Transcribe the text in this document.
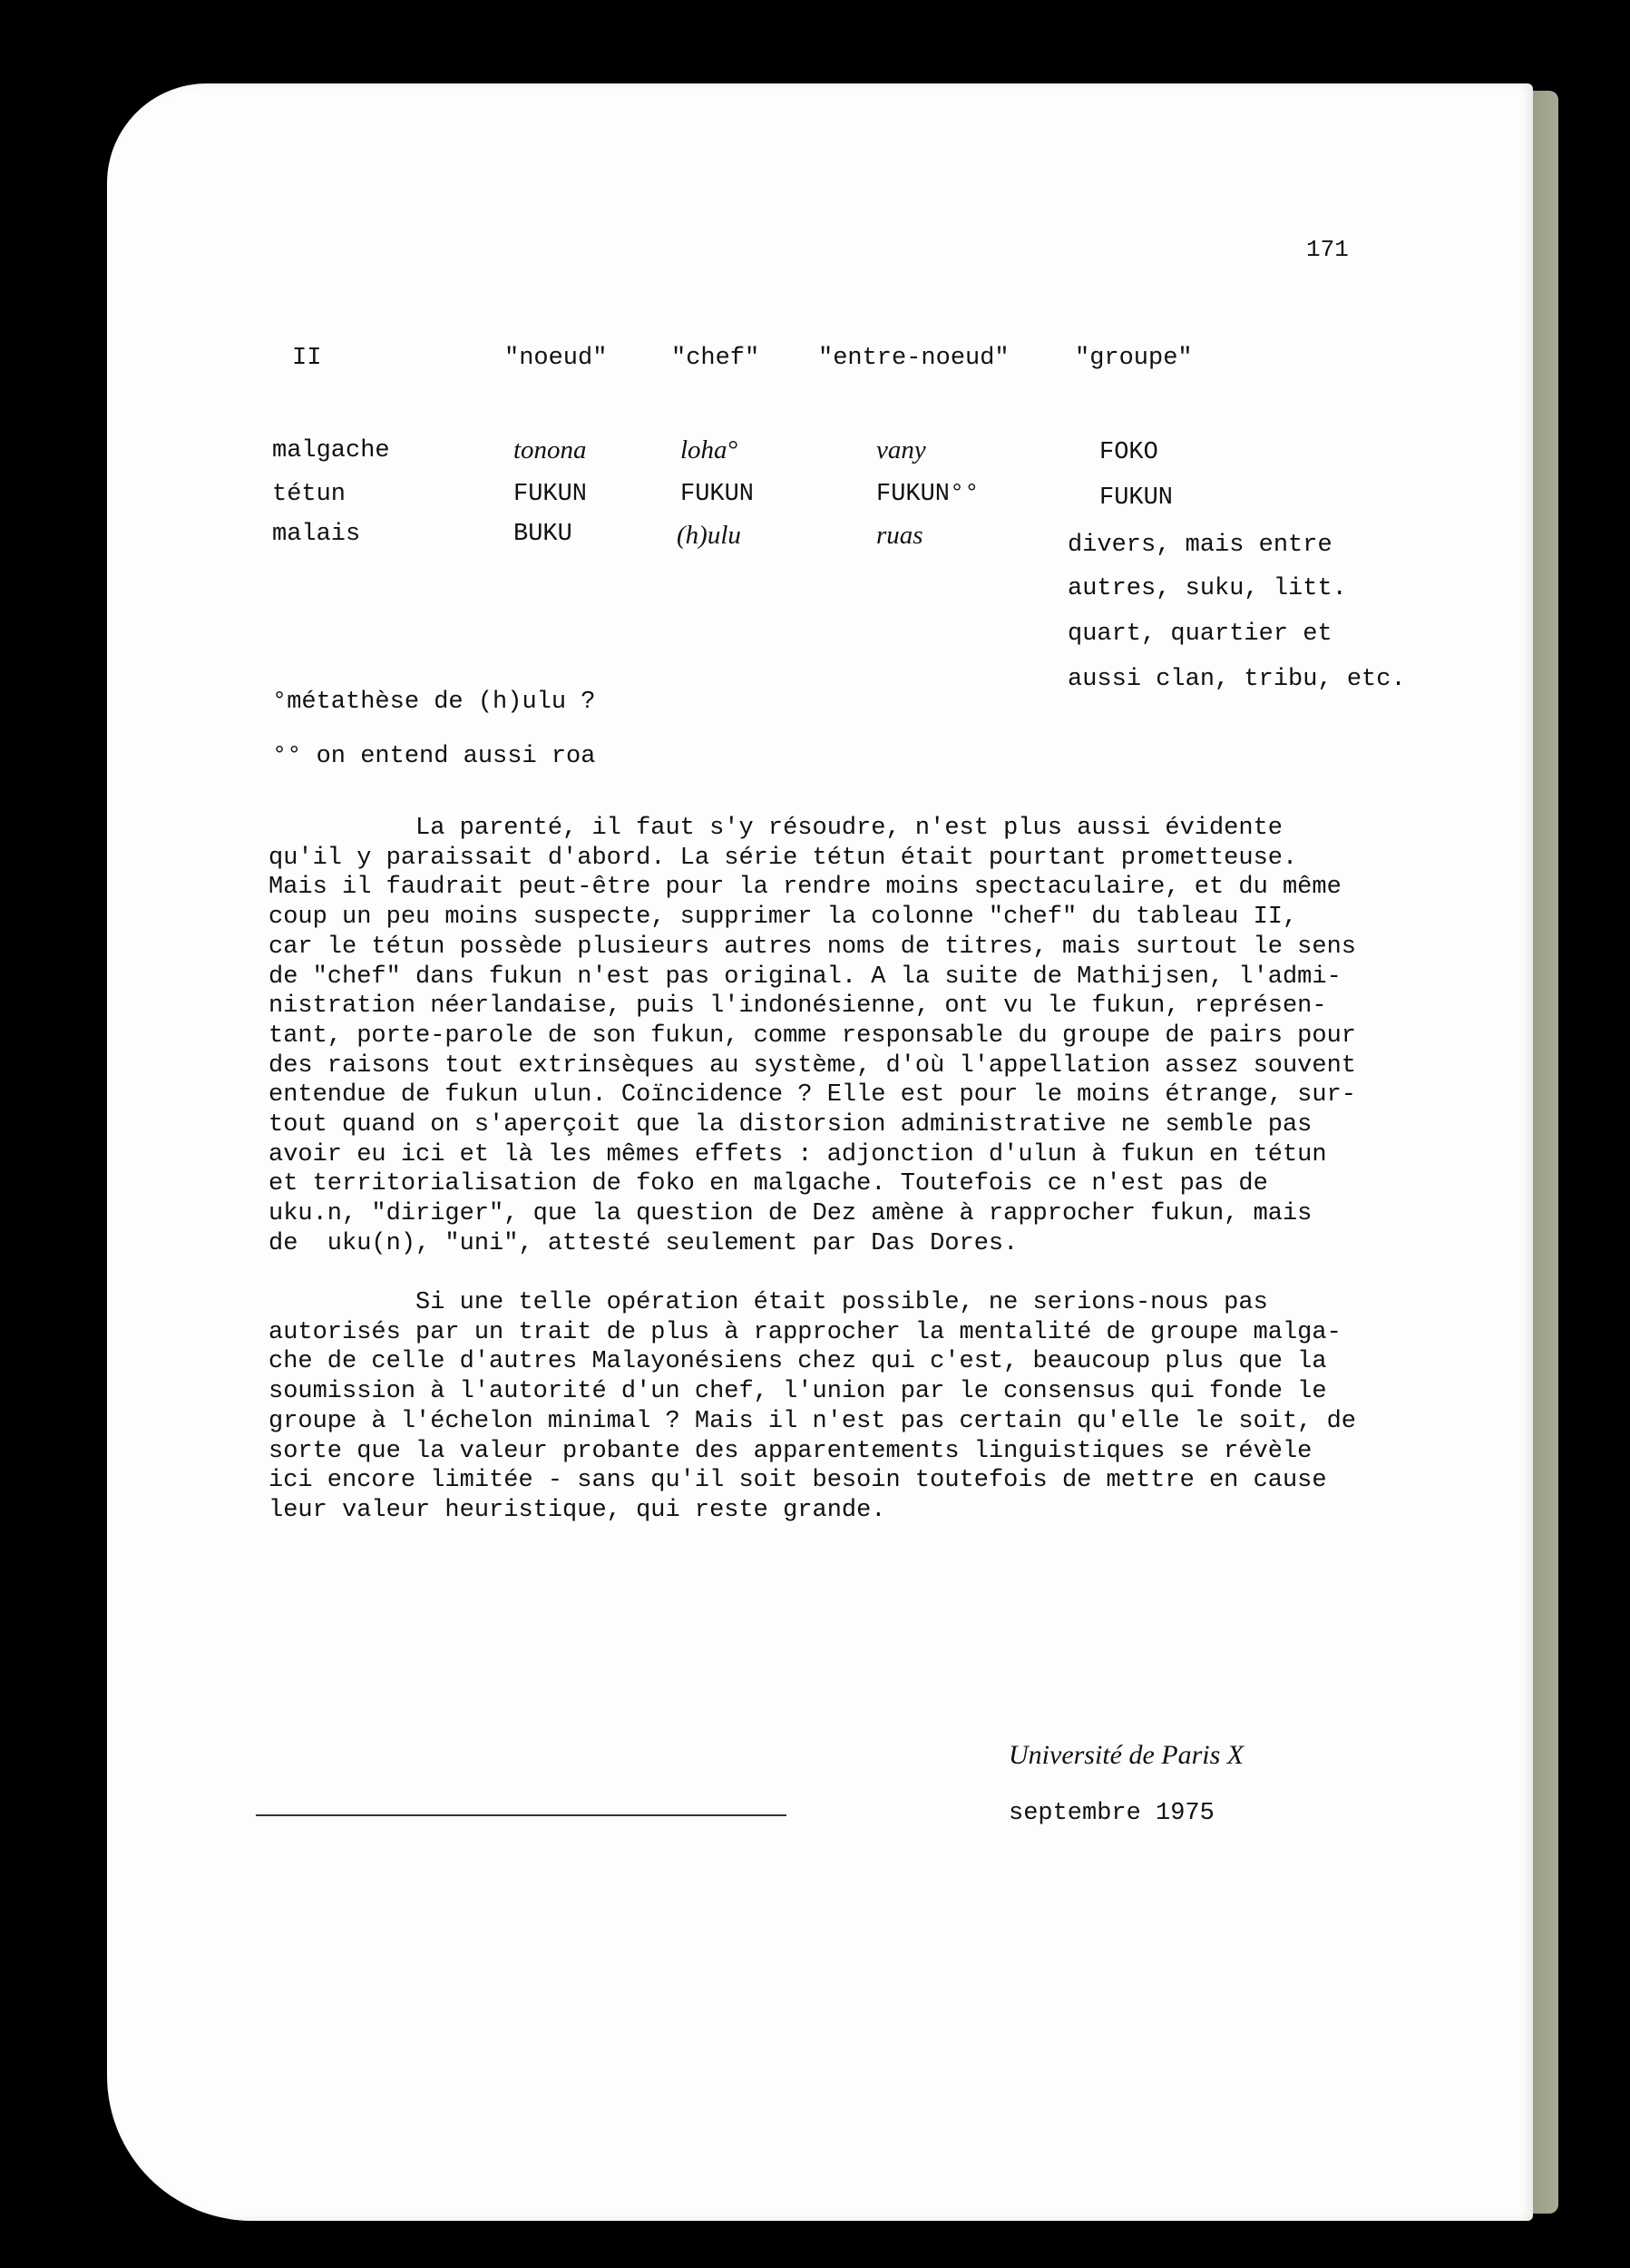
171
II	"noeud"	"chef" "entre-noeud"	"groupe"
malgache	tonona	loha°	vany	FOKO
tétun	FUKUN	FUKUN	FUKUN°°	FUKUN
malais	BUKU	(h)ulu	ruas	divers, mais entre
autres, suku, litt.
quart, quartier et
aussi clan, tribu, etc.
°métathèse de (h)ulu ?
°° on entend aussi roa
La parenté, il faut s'y résoudre, n'est plus aussi évidente
qu'il y paraissait d'abord. La série tétun était pourtant prometteuse.
Mais il faudrait peut-être pour la rendre moins spectaculaire, et du même
coup un peu moins suspecte, supprimer la colonne "chef" du tableau II,
car le tétun possède plusieurs autres noms de titres, mais surtout le sens
de "chef" dans fukun n'est pas original. A la suite de Mathijsen, l'admi-
nistration néerlandaise, puis l'indonésienne, ont vu le fukun, représen-
tant, porte-parole de son fukun, comme responsable du groupe de pairs pour
des raisons tout extrinsèques au système, d'où l'appellation assez souvent
entendue de fukun ulun. Coïncidence ? Elle est pour le moins étrange, sur-
tout quand on s'aperçoit que la distorsion administrative ne semble pas
avoir eu ici et là les mêmes effets : adjonction d'ulun à fukun en tétun
et territorialisation de foko en malgache. Toutefois ce n'est pas de
uku.n, "diriger", que la question de Dez amène à rapprocher fukun, mais
de  uku(n), "uni", attesté seulement par Das Dores.
Si une telle opération était possible, ne serions-nous pas
autorisés par un trait de plus à rapprocher la mentalité de groupe malga-
che de celle d'autres Malayonésiens chez qui c'est, beaucoup plus que la
soumission à l'autorité d'un chef, l'union par le consensus qui fonde le
groupe à l'échelon minimal ? Mais il n'est pas certain qu'elle le soit, de
sorte que la valeur probante des apparentements linguistiques se révèle
ici encore limitée - sans qu'il soit besoin toutefois de mettre en cause
leur valeur heuristique, qui reste grande.
Université de Paris X
septembre 1975
